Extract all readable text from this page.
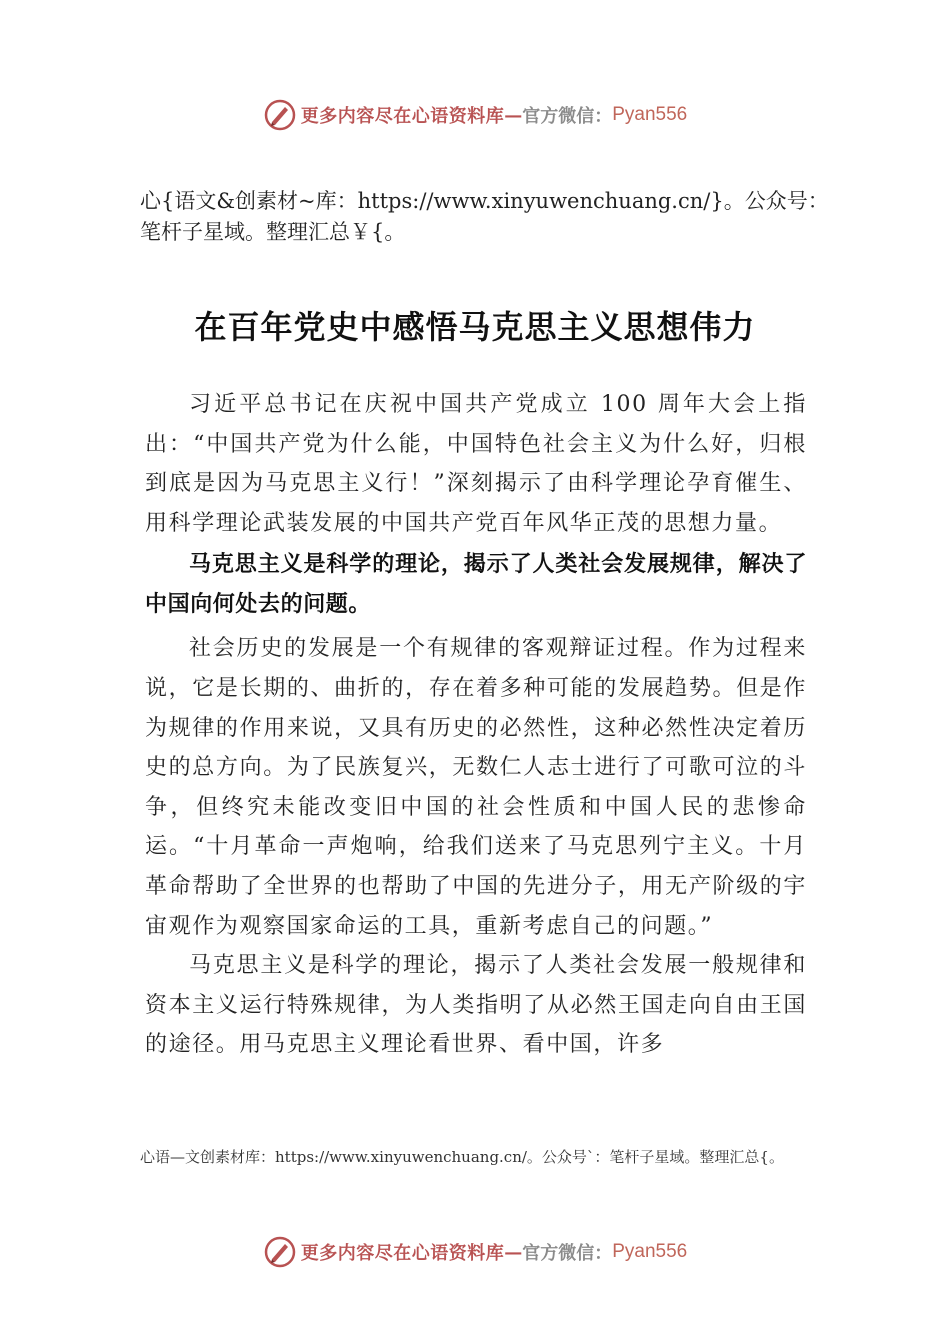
更多内容尽在心语资料库 — 官方微信： Pyan556
心{语文&创素材~库：https://www.xinyuwenchuang.cn/}。公众号：笔杆子星域。整理汇总￥{。
在百年党史中感悟马克思主义思想伟力

习近平总书记在庆祝中国共产党成立 100 周年大会上指出：“中国共产党为什么能，中国特色社会主义为什么好，归根到底是因为马克思主义行！”深刻揭示了由科学理论孕育催生、用科学理论武装发展的中国共产党百年风华正茂的思想力量。

马克思主义是科学的理论，揭示了人类社会发展规律，解决了中国向何处去的问题。

社会历史的发展是一个有规律的客观辩证过程。作为过程来说，它是长期的、曲折的，存在着多种可能的发展趋势。但是作为规律的作用来说，又具有历史的必然性，这种必然性决定着历史的总方向。为了民族复兴，无数仁人志士进行了可歌可泣的斗争，但终究未能改变旧中国的社会性质和中国人民的悲惨命运。“十月革命一声炮响，给我们送来了马克思列宁主义。十月革命帮助了全世界的也帮助了中国的先进分子，用无产阶级的宇宙观作为观察国家命运的工具，重新考虑自己的问题。”

马克思主义是科学的理论，揭示了人类社会发展一般规律和资本主义运行特殊规律，为人类指明了从必然王国走向自由王国的途径。用马克思主义理论看世界、看中国，许多

心语—文创素材库：https://www.xinyuwenchuang.cn/。公众号`：笔杆子星域。整理汇总{。
更多内容尽在心语资料库 — 官方微信： Pyan556
